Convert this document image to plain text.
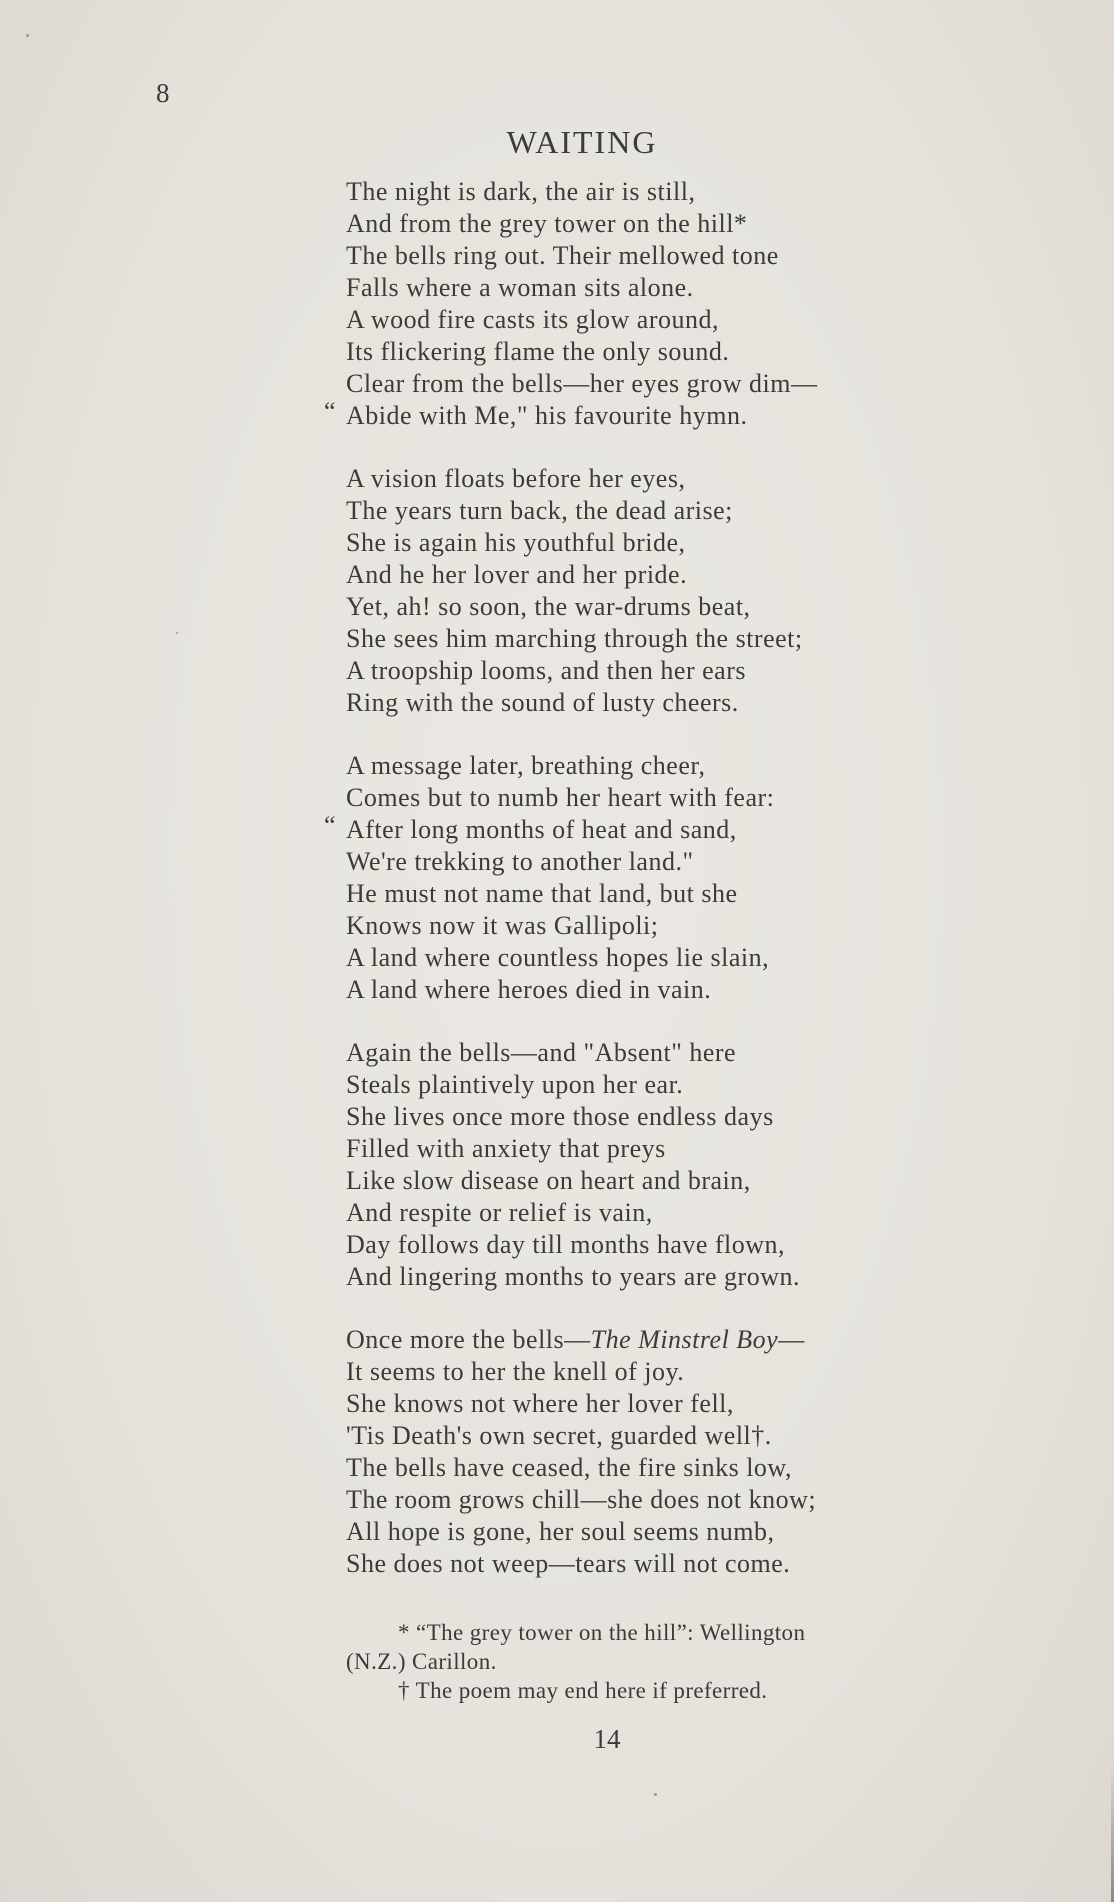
8
WAITING
The night is dark, the air is still,
And from the grey tower on the hill*
The bells ring out. Their mellowed tone
Falls where a woman sits alone.
A wood fire casts its glow around,
Its flickering flame the only sound.
Clear from the bells—her eyes grow dim—
“ Abide with Me," his favourite hymn.
A vision floats before her eyes,
The years turn back, the dead arise;
She is again his youthful bride,
And he her lover and her pride.
Yet, ah! so soon, the war-drums beat,
She sees him marching through the street;
A troopship looms, and then her ears
Ring with the sound of lusty cheers.
A message later, breathing cheer,
Comes but to numb her heart with fear:
“ After long months of heat and sand,
We're trekking to another land."
He must not name that land, but she
Knows now it was Gallipoli;
A land where countless hopes lie slain,
A land where heroes died in vain.
Again the bells—and "Absent" here
Steals plaintively upon her ear.
She lives once more those endless days
Filled with anxiety that preys
Like slow disease on heart and brain,
And respite or relief is vain,
Day follows day till months have flown,
And lingering months to years are grown.
Once more the bells—The Minstrel Boy—
It seems to her the knell of joy.
She knows not where her lover fell,
'Tis Death's own secret, guarded well†.
The bells have ceased, the fire sinks low,
The room grows chill—she does not know;
All hope is gone, her soul seems numb,
She does not weep—tears will not come.
* “The grey tower on the hill”: Wellington
(N.Z.) Carillon.
† The poem may end here if preferred.
14
